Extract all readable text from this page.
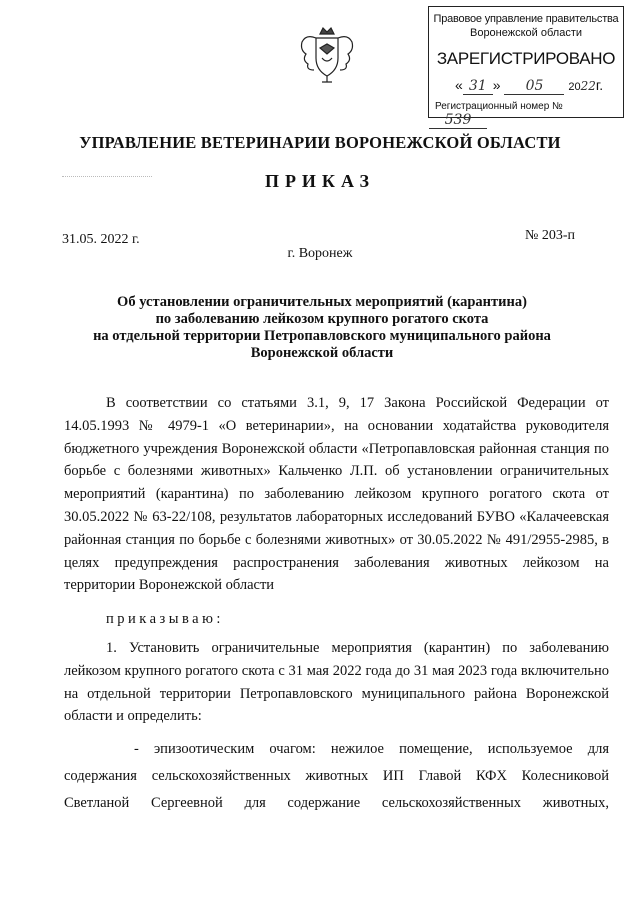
Правовое управление правительства
Воронежской области
ЗАРЕГИСТРИРОВАНО
« 31 » 05 2022г.
Регистрационный номер № 539
УПРАВЛЕНИЕ ВЕТЕРИНАРИИ ВОРОНЕЖСКОЙ ОБЛАСТИ
ПРИКАЗ
31.05. 2022 г.	№ 203-п
г. Воронеж
Об установлении ограничительных мероприятий (карантина)
по заболеванию лейкозом крупного рогатого скота
на отдельной территории Петропавловского муниципального района
Воронежской области

В соответствии со статьями 3.1, 9, 17 Закона Российской Федерации от 14.05.1993 № 4979-1 «О ветеринарии», на основании ходатайства руководителя бюджетного учреждения Воронежской области «Петропавловская районная станция по борьбе с болезнями животных» Кальченко Л.П. об установлении ограничительных мероприятий (карантина) по заболеванию лейкозом крупного рогатого скота от 30.05.2022 № 63-22/108, результатов лабораторных исследований БУВО «Калачеевская районная станция по борьбе с болезнями животных» от 30.05.2022 № 491/2955-2985, в целях предупреждения распространения заболевания животных лейкозом на территории Воронежской области

приказываю:

1. Установить ограничительные мероприятия (карантин) по заболеванию лейкозом крупного рогатого скота с 31 мая 2022 года до 31 мая 2023 года включительно на отдельной территории Петропавловского муниципального района Воронежской области и определить:

- эпизоотическим очагом: нежилое помещение, используемое для содержания сельскохозяйственных животных ИП Главой КФХ Колесниковой Светланой Сергеевной для содержание сельскохозяйственных животных,
